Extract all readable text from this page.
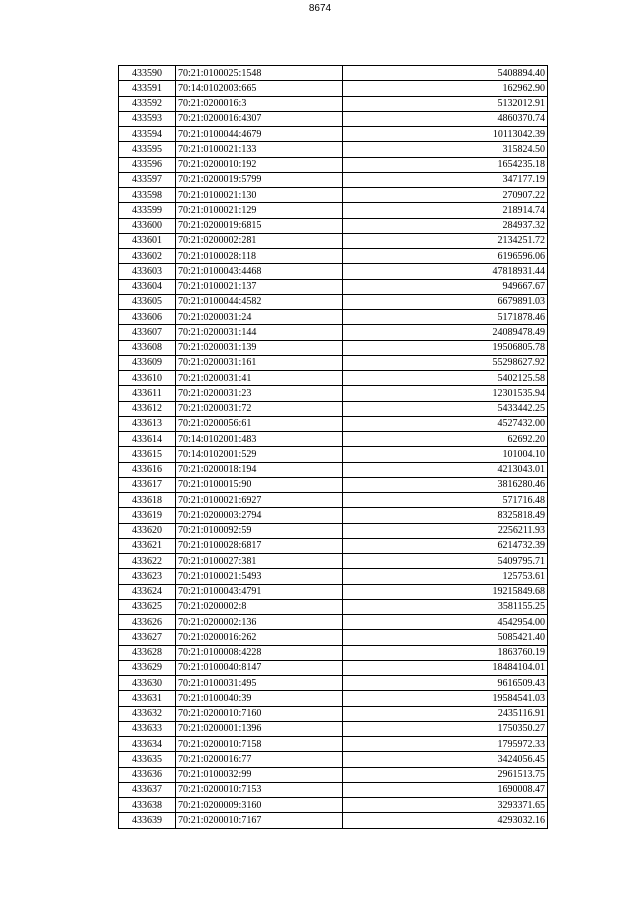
8674
433590	70:21:0100025:1548	5408894.40
433591	70:14:0102003:665	162962.90
433592	70:21:0200016:3	5132012.91
433593	70:21:0200016:4307	4860370.74
433594	70:21:0100044:4679	10113042.39
433595	70:21:0100021:133	315824.50
433596	70:21:0200010:192	1654235.18
433597	70:21:0200019:5799	347177.19
433598	70:21:0100021:130	270907.22
433599	70:21:0100021:129	218914.74
433600	70:21:0200019:6815	284937.32
433601	70:21:0200002:281	2134251.72
433602	70:21:0100028:118	6196596.06
433603	70:21:0100043:4468	47818931.44
433604	70:21:0100021:137	949667.67
433605	70:21:0100044:4582	6679891.03
433606	70:21:0200031:24	5171878.46
433607	70:21:0200031:144	24089478.49
433608	70:21:0200031:139	19506805.78
433609	70:21:0200031:161	55298627.92
433610	70:21:0200031:41	5402125.58
433611	70:21:0200031:23	12301535.94
433612	70:21:0200031:72	5433442.25
433613	70:21:0200056:61	4527432.00
433614	70:14:0102001:483	62692.20
433615	70:14:0102001:529	101004.10
433616	70:21:0200018:194	4213043.01
433617	70:21:0100015:90	3816280.46
433618	70:21:0100021:6927	571716.48
433619	70:21:0200003:2794	8325818.49
433620	70:21:0100092:59	2256211.93
433621	70:21:0100028:6817	6214732.39
433622	70:21:0100027:381	5409795.71
433623	70:21:0100021:5493	125753.61
433624	70:21:0100043:4791	19215849.68
433625	70:21:0200002:8	3581155.25
433626	70:21:0200002:136	4542954.00
433627	70:21:0200016:262	5085421.40
433628	70:21:0100008:4228	1863760.19
433629	70:21:0100040:8147	18484104.01
433630	70:21:0100031:495	9616509.43
433631	70:21:0100040:39	19584541.03
433632	70:21:0200010:7160	2435116.91
433633	70:21:0200001:1396	1750350.27
433634	70:21:0200010:7158	1795972.33
433635	70:21:0200016:77	3424056.45
433636	70:21:0100032:99	2961513.75
433637	70:21:0200010:7153	1690008.47
433638	70:21:0200009:3160	3293371.65
433639	70:21:0200010:7167	4293032.16
